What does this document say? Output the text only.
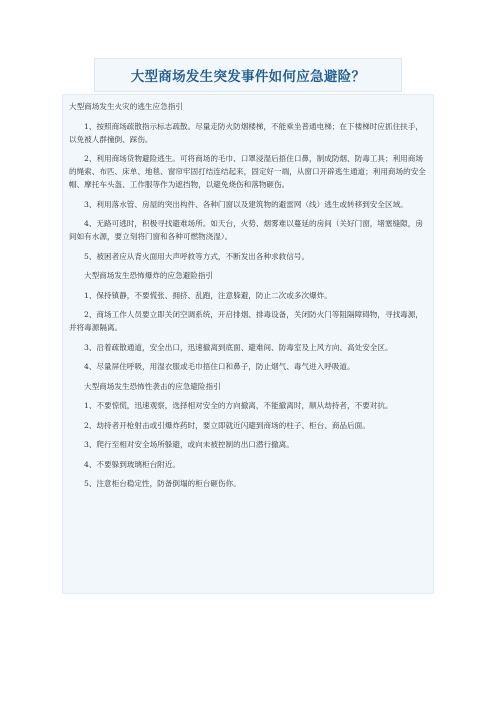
大型商场发生突发事件如何应急避险？

大型商场发生火灾的逃生应急指引

1、按照商场疏散指示标志疏散。尽量走防火防烟楼梯，不能乘坐普通电梯；在下楼梯时应抓住扶手，以免被人群撞倒、踩伤。

2、利用商场货物避险逃生。可将商场的毛巾、口罩浸湿后捂住口鼻，制成防烟、防毒工具；利用商场的绳索、布匹、床单、地毯、窗帘牢固打结连结起来，固定好一端，从窗口开辟逃生通道；利用商场的安全帽、摩托车头盔、工作服等作为遮挡物，以避免烧伤和落物砸伤。

3、利用落水管、房屋的突出构件、各种门窗以及建筑物的避雷网（线）逃生或转移到安全区域。

4、无路可逃时，积极寻找避难场所。如天台，火势、烟雾难以蔓延的房间（关好门窗，堵塞缝隙，房间如有水源，要立刻将门窗和各种可燃物浇湿）。

5、被困者应从背火面用大声呼救等方式，不断发出各种求救信号。

大型商场发生恐怖爆炸的应急避险指引

1、保持镇静，不要慌张、拥挤、乱跑，注意躲避，防止二次或多次爆炸。

2、商场工作人员要立即关闭空调系统，开启排烟、排毒设备，关闭防火门等阻隔障碍物，寻找毒源，并将毒源隔离。

3、沿着疏散通道，安全出口，迅速撤离到底面、避难间、防毒室及上风方向、高处安全区。

4、尽量屏住呼吸，用湿衣服或毛巾捂住口和鼻子，防止烟气、毒气进入呼吸道。

大型商场发生恐怖性袭击的应急避险指引

1、不要惊慌，迅速观察，选择相对安全的方向撤离，不能撤离时，顺从劫持者，不要对抗。

2、劫持者开枪射击或引爆炸药时，要立即就近闪避到商场的柱子、柜台、商品后面。

3、爬行至相对安全场所躲避，或向未被控制的出口潜行撤离。

4、不要躲到玻璃柜台附近。

5、注意柜台稳定性，防备倒塌的柜台砸伤你。
